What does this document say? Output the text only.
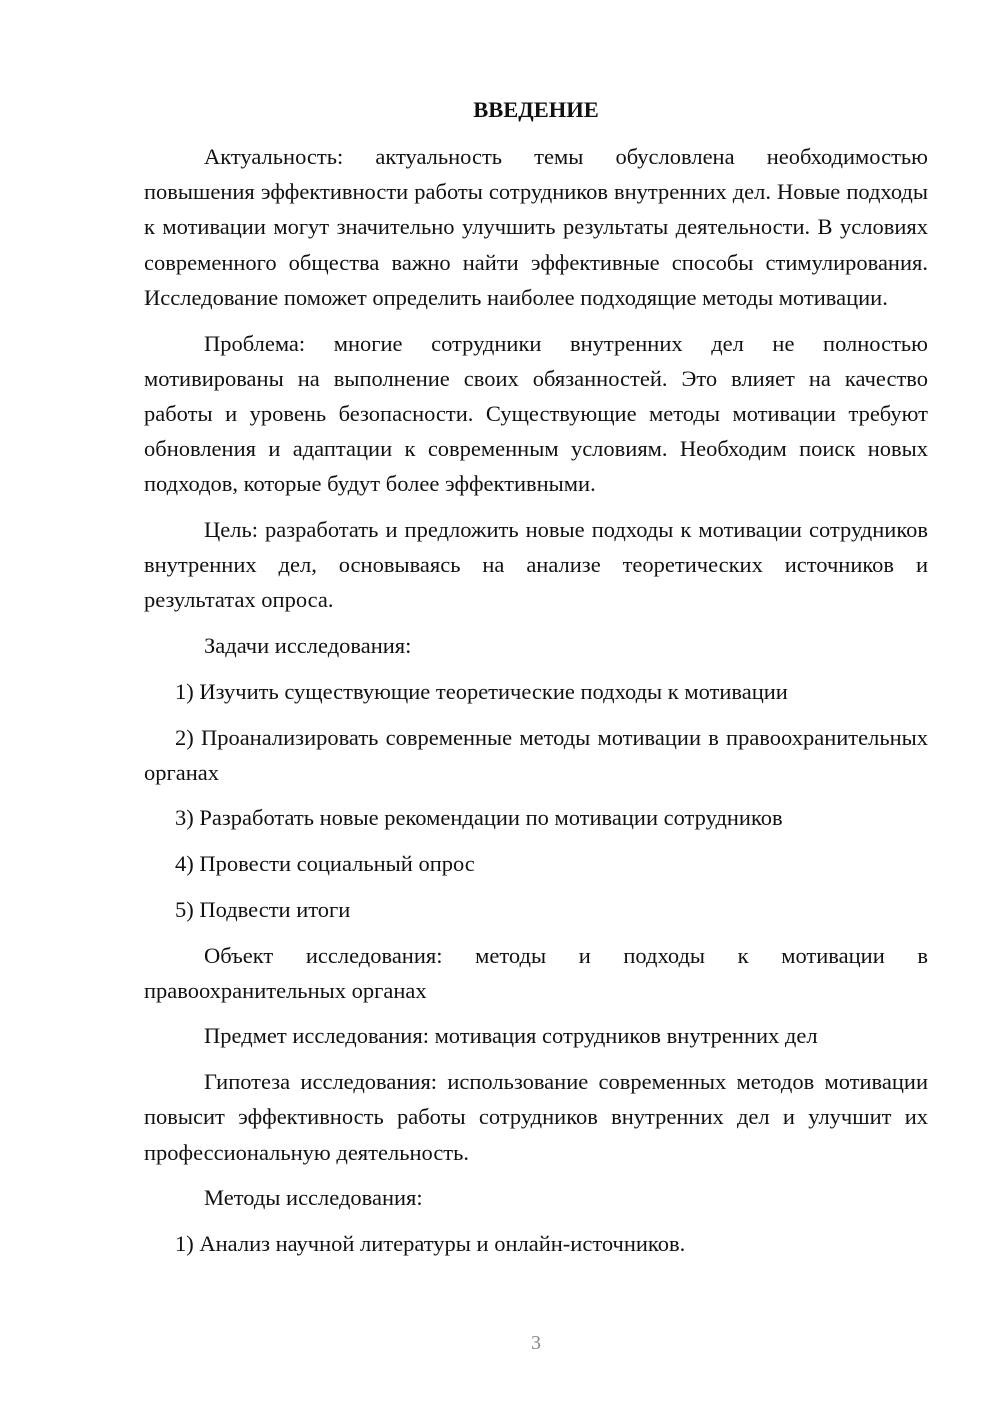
ВВЕДЕНИЕ

Актуальность: актуальность темы обусловлена необходимостью повышения эффективности работы сотрудников внутренних дел. Новые подходы к мотивации могут значительно улучшить результаты деятельности. В условиях современного общества важно найти эффективные способы стимулирования. Исследование поможет определить наиболее подходящие методы мотивации.

Проблема: многие сотрудники внутренних дел не полностью мотивированы на выполнение своих обязанностей. Это влияет на качество работы и уровень безопасности. Существующие методы мотивации требуют обновления и адаптации к современным условиям. Необходим поиск новых подходов, которые будут более эффективными.

Цель: разработать и предложить новые подходы к мотивации сотрудников внутренних дел, основываясь на анализе теоретических источников и результатах опроса.

Задачи исследования:

1) Изучить существующие теоретические подходы к мотивации

2) Проанализировать современные методы мотивации в правоохранительных органах

3) Разработать новые рекомендации по мотивации сотрудников

4) Провести социальный опрос

5) Подвести итоги

Объект исследования: методы и подходы к мотивации в правоохранительных органах

Предмет исследования: мотивация сотрудников внутренних дел

Гипотеза исследования: использование современных методов мотивации повысит эффективность работы сотрудников внутренних дел и улучшит их профессиональную деятельность.

Методы исследования:

1) Анализ научной литературы и онлайн-источников.

3
